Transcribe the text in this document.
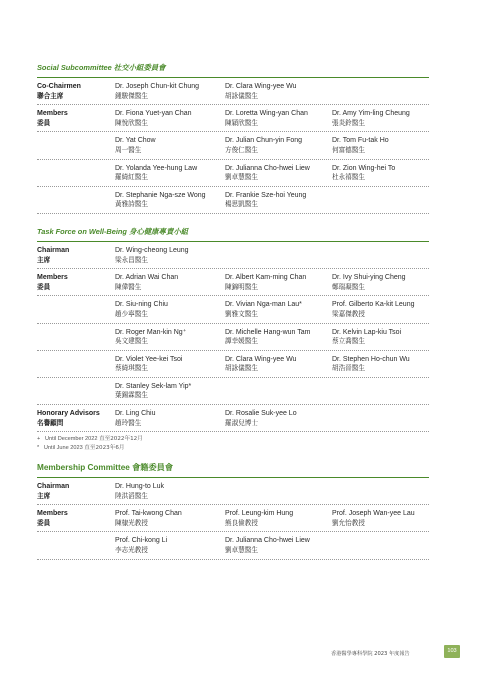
Social Subcommittee 社交小組委員會
Co-Chairmen
聯合主席
Dr. Joseph Chun-kit Chung
鍾駿傑醫生
Dr. Clara Wing-yee Wu
胡詠儀醫生
Members
委員
Dr. Fiona Yuet-yan Chan
陳悅欣醫生
Dr. Loretta Wing-yan Chan
陳穎欣醫生
Dr. Amy Yim-ling Cheung
張炎鈴醫生
Dr. Yat Chow
周一醫生
Dr. Julian Chun-yin Fong
方俊仁醫生
Dr. Tom Fu-tak Ho
何富德醫生
Dr. Yolanda Yee-hung Law
羅綺紅醫生
Dr. Julianna Cho-hwei Liew
劉卓慧醫生
Dr. Zion Wing-hei To
杜永禧醫生
Dr. Stephanie Nga-sze Wong
黃雅詩醫生
Dr. Frankie Sze-hoi Yeung
楊思凱醫生
Task Force on Well-Being 身心健康專責小組
Chairman
主席
Dr. Wing-cheong Leung
梁永昌醫生
Members
委員
Dr. Adrian Wai Chan
陳偉醫生
Dr. Albert Kam-ming Chan
陳錦明醫生
Dr. Ivy Shui-ying Cheng
鄭瑞凝醫生
Dr. Siu-ning Chiu
趙少寧醫生
Dr. Vivian Nga-man Lau*
劉雅文醫生
Prof. Gilberto Ka-kit Leung
梁嘉傑教授
Dr. Roger Man-kin Ng⁺
吳文建醫生
Dr. Michelle Hang-wun Tam
譚幸媛醫生
Dr. Kelvin Lap-kiu Tsoi
蔡立喬醫生
Dr. Violet Yee-kei Tsoi
蔡綺琪醫生
Dr. Clara Wing-yee Wu
胡詠儀醫生
Dr. Stephen Ho-chun Wu
胡浩晉醫生
Dr. Stanley Sek-lam Yip*
葉錫霖醫生
Honorary Advisors
名譽顧問
Dr. Ling Chiu
趙玲醫生
Dr. Rosalie Suk-yee Lo
羅淑兒博士
+ Until December 2022 直至2022年12月
* Until June 2023 直至2023年6月
Membership Committee 會籍委員會
Chairman
主席
Dr. Hung-to Luk
陸洪滔醫生
Members
委員
Prof. Tai-kwong Chan
陳棣光教授
Prof. Leung-kim Hung
熊良儉教授
Prof. Joseph Wan-yee Lau
劉允怡教授
Prof. Chi-kong Li
李志光教授
Dr. Julianna Cho-hwei Liew
劉卓慧醫生
香港醫學專科學院 2023 年度報告	103
